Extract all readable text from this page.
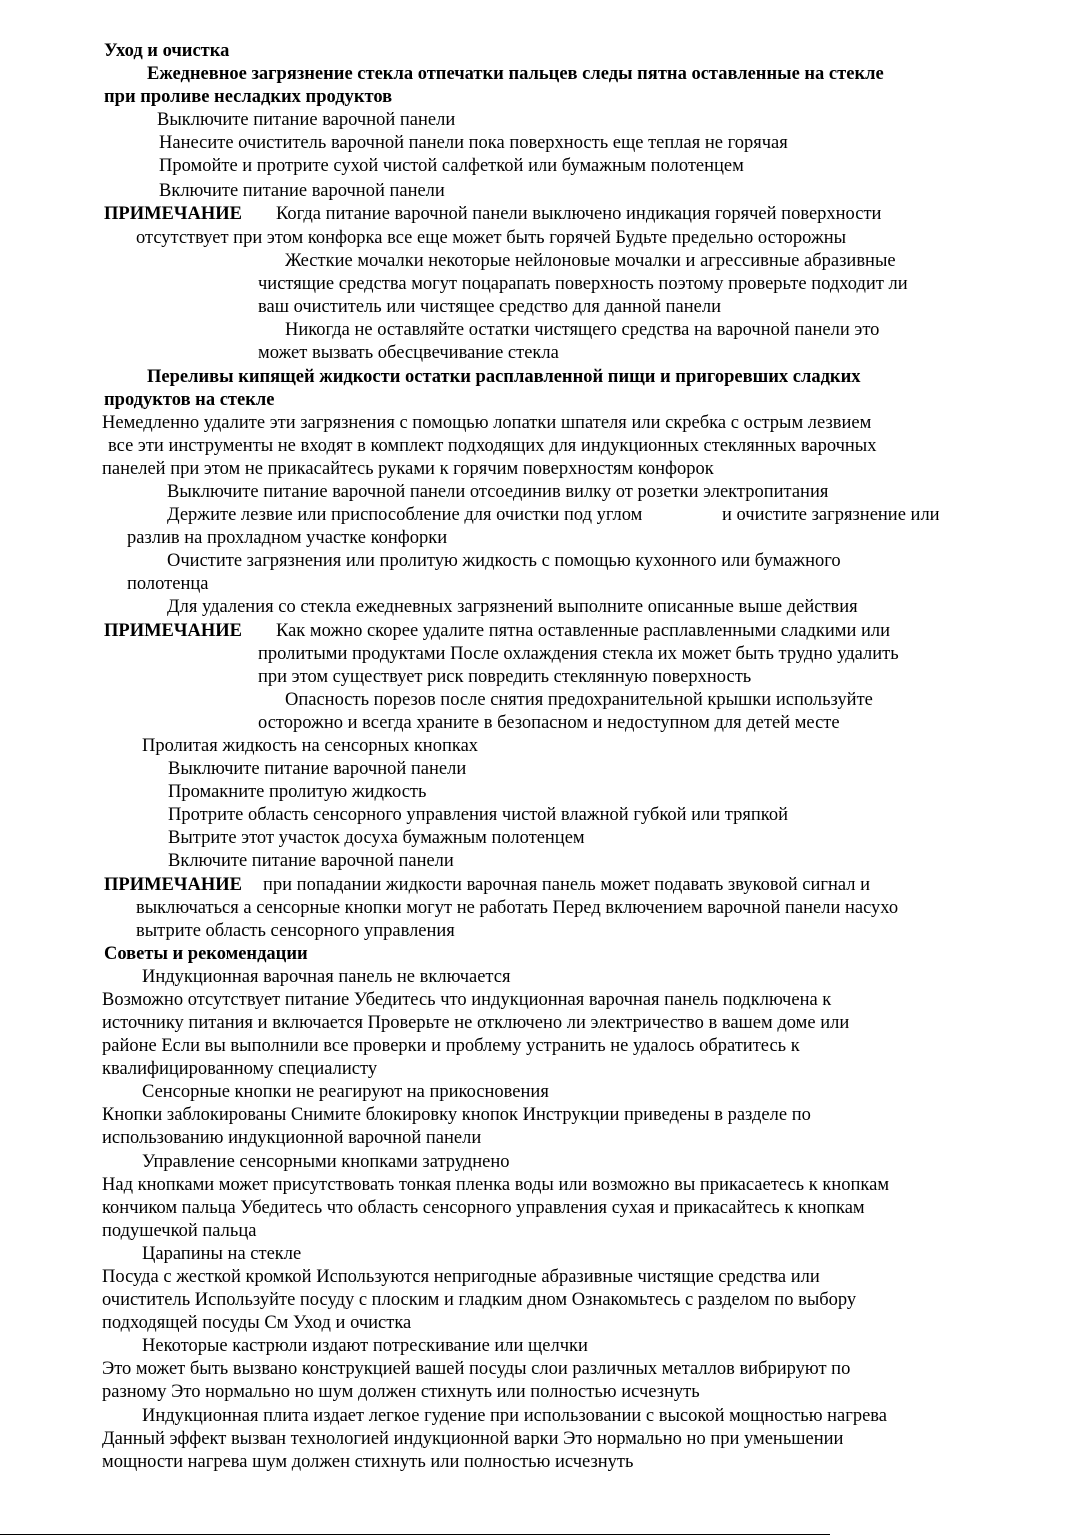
Уход и очистка
Ежедневное загрязнение стекла отпечатки пальцев следы пятна оставленные на стекле
при проливе несладких продуктов
Выключите питание варочной панели
Нанесите очиститель варочной панели пока поверхность еще теплая не горячая
Промойте и протрите сухой чистой салфеткой или бумажным полотенцем
Включите питание варочной панели
ПРИМЕЧАНИЕ Когда питание варочной панели выключено индикация горячей поверхности
отсутствует при этом конфорка все еще может быть горячей Будьте предельно осторожны
Жесткие мочалки некоторые нейлоновые мочалки и агрессивные абразивные
чистящие средства могут поцарапать поверхность поэтому проверьте подходит ли
ваш очиститель или чистящее средство для данной панели
Никогда не оставляйте остатки чистящего средства на варочной панели это
может вызвать обесцвечивание стекла
Переливы кипящей жидкости остатки расплавленной пищи и пригоревших сладких
продуктов на стекле
Немедленно удалите эти загрязнения с помощью лопатки шпателя или скребка с острым лезвием
все эти инструменты не входят в комплект подходящих для индукционных стеклянных варочных
панелей при этом не прикасайтесь руками к горячим поверхностям конфорок
Выключите питание варочной панели отсоединив вилку от розетки электропитания
Держите лезвие или приспособление для очистки под углом	и очистите загрязнение или
разлив на прохладном участке конфорки
Очистите загрязнения или пролитую жидкость с помощью кухонного или бумажного
полотенца
Для удаления со стекла ежедневных загрязнений выполните описанные выше действия
ПРИМЕЧАНИЕ Как можно скорее удалите пятна оставленные расплавленными сладкими или
пролитыми продуктами После охлаждения стекла их может быть трудно удалить
при этом существует риск повредить стеклянную поверхность
Опасность порезов после снятия предохранительной крышки используйте
осторожно и всегда храните в безопасном и недоступном для детей месте
Пролитая жидкость на сенсорных кнопках
Выключите питание варочной панели
Промакните пролитую жидкость
Протрите область сенсорного управления чистой влажной губкой или тряпкой
Вытрите этот участок досуха бумажным полотенцем
Включите питание варочной панели
ПРИМЕЧАНИЕ при попадании жидкости варочная панель может подавать звуковой сигнал и
выключаться а сенсорные кнопки могут не работать Перед включением варочной панели насухо
вытрите область сенсорного управления
Советы и рекомендации
Индукционная варочная панель не включается
Возможно отсутствует питание Убедитесь что индукционная варочная панель подключена к
источнику питания и включается Проверьте не отключено ли электричество в вашем доме или
районе Если вы выполнили все проверки и проблему устранить не удалось обратитесь к
квалифицированному специалисту
Сенсорные кнопки не реагируют на прикосновения
Кнопки заблокированы Снимите блокировку кнопок Инструкции приведены в разделе по
использованию индукционной варочной панели
Управление сенсорными кнопками затруднено
Над кнопками может присутствовать тонкая пленка воды или возможно вы прикасаетесь к кнопкам
кончиком пальца Убедитесь что область сенсорного управления сухая и прикасайтесь к кнопкам
подушечкой пальца
Царапины на стекле
Посуда с жесткой кромкой Используются непригодные абразивные чистящие средства или
очиститель Используйте посуду с плоским и гладким дном Ознакомьтесь с разделом по выбору
подходящей посуды См Уход и очистка
Некоторые кастрюли издают потрескивание или щелчки
Это может быть вызвано конструкцией вашей посуды слои различных металлов вибрируют по
разному Это нормально но шум должен стихнуть или полностью исчезнуть
Индукционная плита издает легкое гудение при использовании с высокой мощностью нагрева
Данный эффект вызван технологией индукционной варки Это нормально но при уменьшении
мощности нагрева шум должен стихнуть или полностью исчезнуть
